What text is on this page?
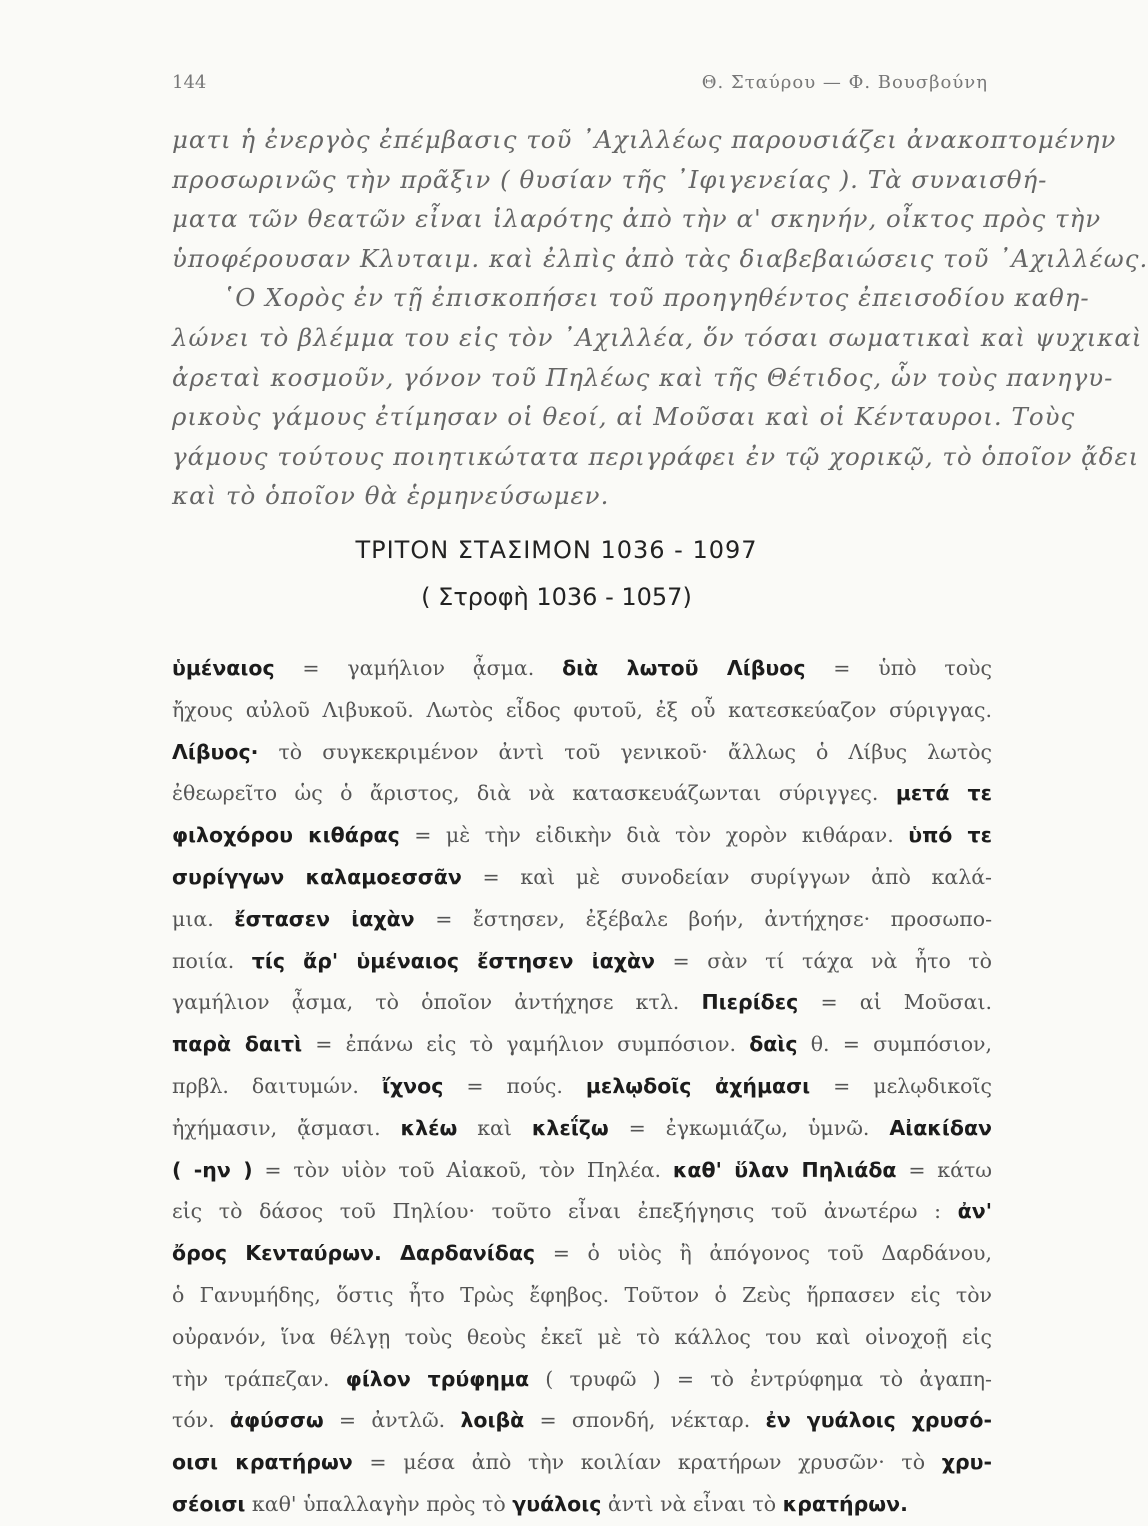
144	Θ. Σταύρου — Φ. Βουσβούνη
ματι ἡ ἐνεργὸς ἐπέμβασις τοῦ ᾿Αχιλλέως παρουσιάζει ἀνακοπτομένην
προσωρινῶς τὴν πρᾶξιν ( θυσίαν τῆς ᾿Ιφιγενείας ). Τὰ συναισθή-
ματα τῶν θεατῶν εἶναι ἱλαρότης ἀπὸ τὴν α' σκηνήν, οἶκτος πρὸς τὴν
ὑποφέρουσαν Κλυταιμ. καὶ ἐλπὶς ἀπὸ τὰς διαβεβαιώσεις τοῦ ᾿Αχιλλέως.
῾Ο Χορὸς ἐν τῇ ἐπισκοπήσει τοῦ προηγηθέντος ἐπεισοδίου καθη-
λώνει τὸ βλέμμα του εἰς τὸν ᾿Αχιλλέα, ὅν τόσαι σωματικαὶ καὶ ψυχικαὶ
ἀρεταὶ κοσμοῦν, γόνον τοῦ Πηλέως καὶ τῆς Θέτιδος, ὧν τοὺς πανηγυ-
ρικοὺς γάμους ἐτίμησαν οἱ θεοί, αἱ Μοῦσαι καὶ οἱ Κένταυροι. Τοὺς
γάμους τούτους ποιητικώτατα περιγράφει ἐν τῷ χορικῷ, τὸ ὁποῖον ᾄδει
καὶ τὸ ὁποῖον θὰ ἑρμηνεύσωμεν.
ΤΡΙΤΟΝ ΣΤΑΣΙΜΟΝ 1036 - 1097
( Στροφὴ 1036 - 1057)
ὑμέναιος = γαμήλιον ᾆσμα. διὰ λωτοῦ Λίβυος = ὑπὸ τοὺς
ἤχους αὐλοῦ Λιβυκοῦ. Λωτὸς εἶδος φυτοῦ, ἐξ οὗ κατεσκεύαζον σύριγγας.
Λίβυος· τὸ συγκεκριμένον ἀντὶ τοῦ γενικοῦ· ἄλλως ὁ Λίβυς λωτὸς
ἐθεωρεῖτο ὡς ὁ ἄριστος, διὰ νὰ κατασκευάζωνται σύριγγες. μετά τε
φιλοχόρου κιθάρας = μὲ τὴν εἰδικὴν διὰ τὸν χορὸν κιθάραν. ὑπό τε
συρίγγων καλαμοεσσᾶν = καὶ μὲ συνοδείαν συρίγγων ἀπὸ καλά-
μια. ἔστασεν ἰαχὰν = ἔστησεν, ἐξέβαλε βοήν, ἀντήχησε· προσωπο-
ποιία. τίς ἄρ' ὑμέναιος ἔστησεν ἰαχὰν = σὰν τί τάχα νὰ ἦτο τὸ
γαμήλιον ᾆσμα, τὸ ὁποῖον ἀντήχησε κτλ. Πιερίδες = αἱ Μοῦσαι.
παρὰ δαιτὶ = ἐπάνω εἰς τὸ γαμήλιον συμπόσιον. δαὶς θ. = συμπόσιον,
πρβλ. δαιτυμών. ἴχνος = πούς. μελῳδοῖς ἀχήμασι = μελῳδικοῖς
ἠχήμασιν, ᾄσμασι. κλέω καὶ κλεΐζω = ἐγκωμιάζω, ὑμνῶ. Αἰακίδαν
( -ην ) = τὸν υἱὸν τοῦ Αἰακοῦ, τὸν Πηλέα. καθ' ὕλαν Πηλιάδα = κάτω
εἰς τὸ δάσος τοῦ Πηλίου· τοῦτο εἶναι ἐπεξήγησις τοῦ ἀνωτέρω : ἀν'
ὄρος Κενταύρων. Δαρδανίδας = ὁ υἱὸς ἢ ἀπόγονος τοῦ Δαρδάνου,
ὁ Γανυμήδης, ὅστις ἦτο Τρὼς ἔφηβος. Τοῦτον ὁ Ζεὺς ἥρπασεν εἰς τὸν
οὐρανόν, ἵνα θέλγῃ τοὺς θεοὺς ἐκεῖ μὲ τὸ κάλλος του καὶ οἰνοχοῇ εἰς
τὴν τράπεζαν. φίλον τρύφημα ( τρυφῶ ) = τὸ ἐντρύφημα τὸ ἀγαπη-
τόν. ἀφύσσω = ἀντλῶ. λοιβὰ = σπονδή, νέκταρ. ἐν γυάλοις χρυσό-
οισι κρατήρων = μέσα ἀπὸ τὴν κοιλίαν κρατήρων χρυσῶν· τὸ χρυ-
σέοισι καθ' ὑπαλλαγὴν πρὸς τὸ γυάλοις ἀντὶ νὰ εἶναι τὸ κρατήρων.
